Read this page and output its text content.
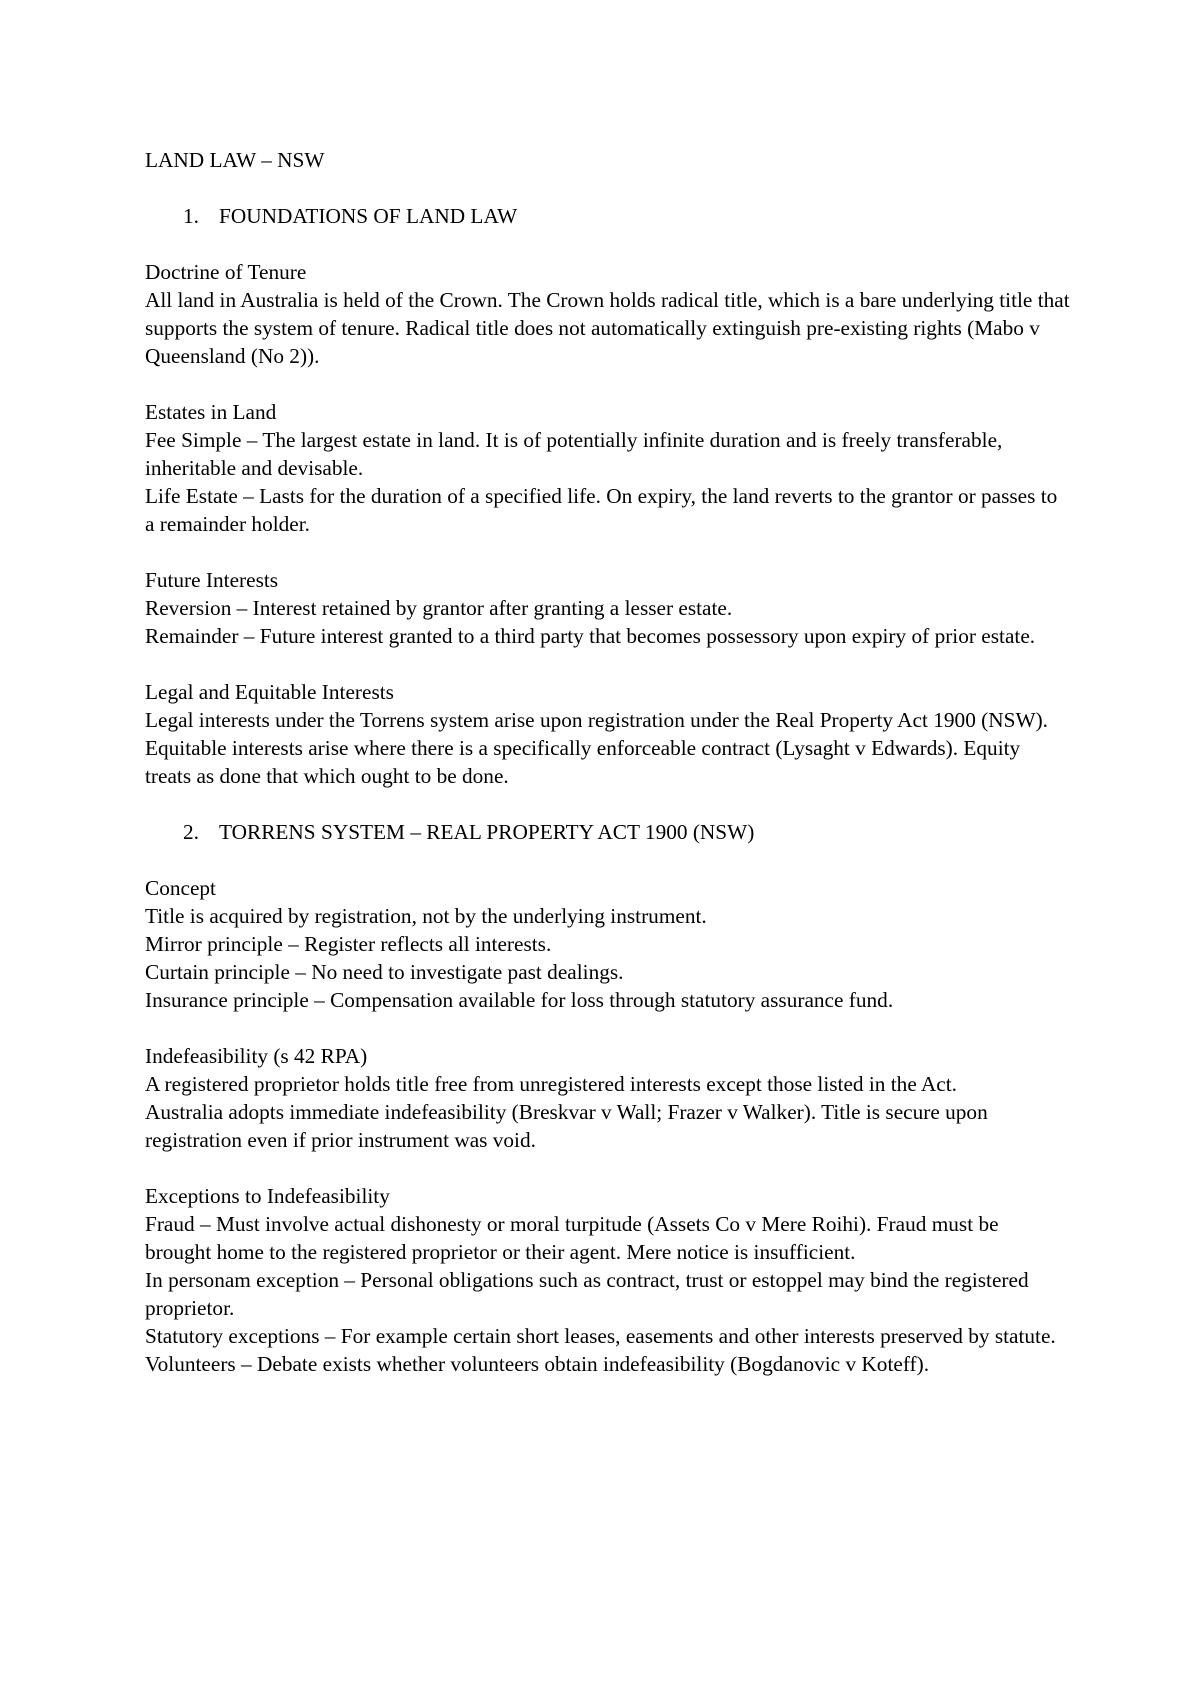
LAND LAW – NSW
1. FOUNDATIONS OF LAND LAW
Doctrine of Tenure

All land in Australia is held of the Crown. The Crown holds radical title, which is a bare underlying title that supports the system of tenure. Radical title does not automatically extinguish pre-existing rights (Mabo v Queensland (No 2)).

Estates in Land

Fee Simple – The largest estate in land. It is of potentially infinite duration and is freely transferable, inheritable and devisable.

Life Estate – Lasts for the duration of a specified life. On expiry, the land reverts to the grantor or passes to a remainder holder.

Future Interests

Reversion – Interest retained by grantor after granting a lesser estate.

Remainder – Future interest granted to a third party that becomes possessory upon expiry of prior estate.

Legal and Equitable Interests

Legal interests under the Torrens system arise upon registration under the Real Property Act 1900 (NSW).

Equitable interests arise where there is a specifically enforceable contract (Lysaght v Edwards). Equity treats as done that which ought to be done.

2. TORRENS SYSTEM – REAL PROPERTY ACT 1900 (NSW)
Concept

Title is acquired by registration, not by the underlying instrument.

Mirror principle – Register reflects all interests.

Curtain principle – No need to investigate past dealings.

Insurance principle – Compensation available for loss through statutory assurance fund.

Indefeasibility (s 42 RPA)

A registered proprietor holds title free from unregistered interests except those listed in the Act.

Australia adopts immediate indefeasibility (Breskvar v Wall; Frazer v Walker). Title is secure upon registration even if prior instrument was void.

Exceptions to Indefeasibility

Fraud – Must involve actual dishonesty or moral turpitude (Assets Co v Mere Roihi). Fraud must be brought home to the registered proprietor or their agent. Mere notice is insufficient.

In personam exception – Personal obligations such as contract, trust or estoppel may bind the registered proprietor.

Statutory exceptions – For example certain short leases, easements and other interests preserved by statute.

Volunteers – Debate exists whether volunteers obtain indefeasibility (Bogdanovic v Koteff).
